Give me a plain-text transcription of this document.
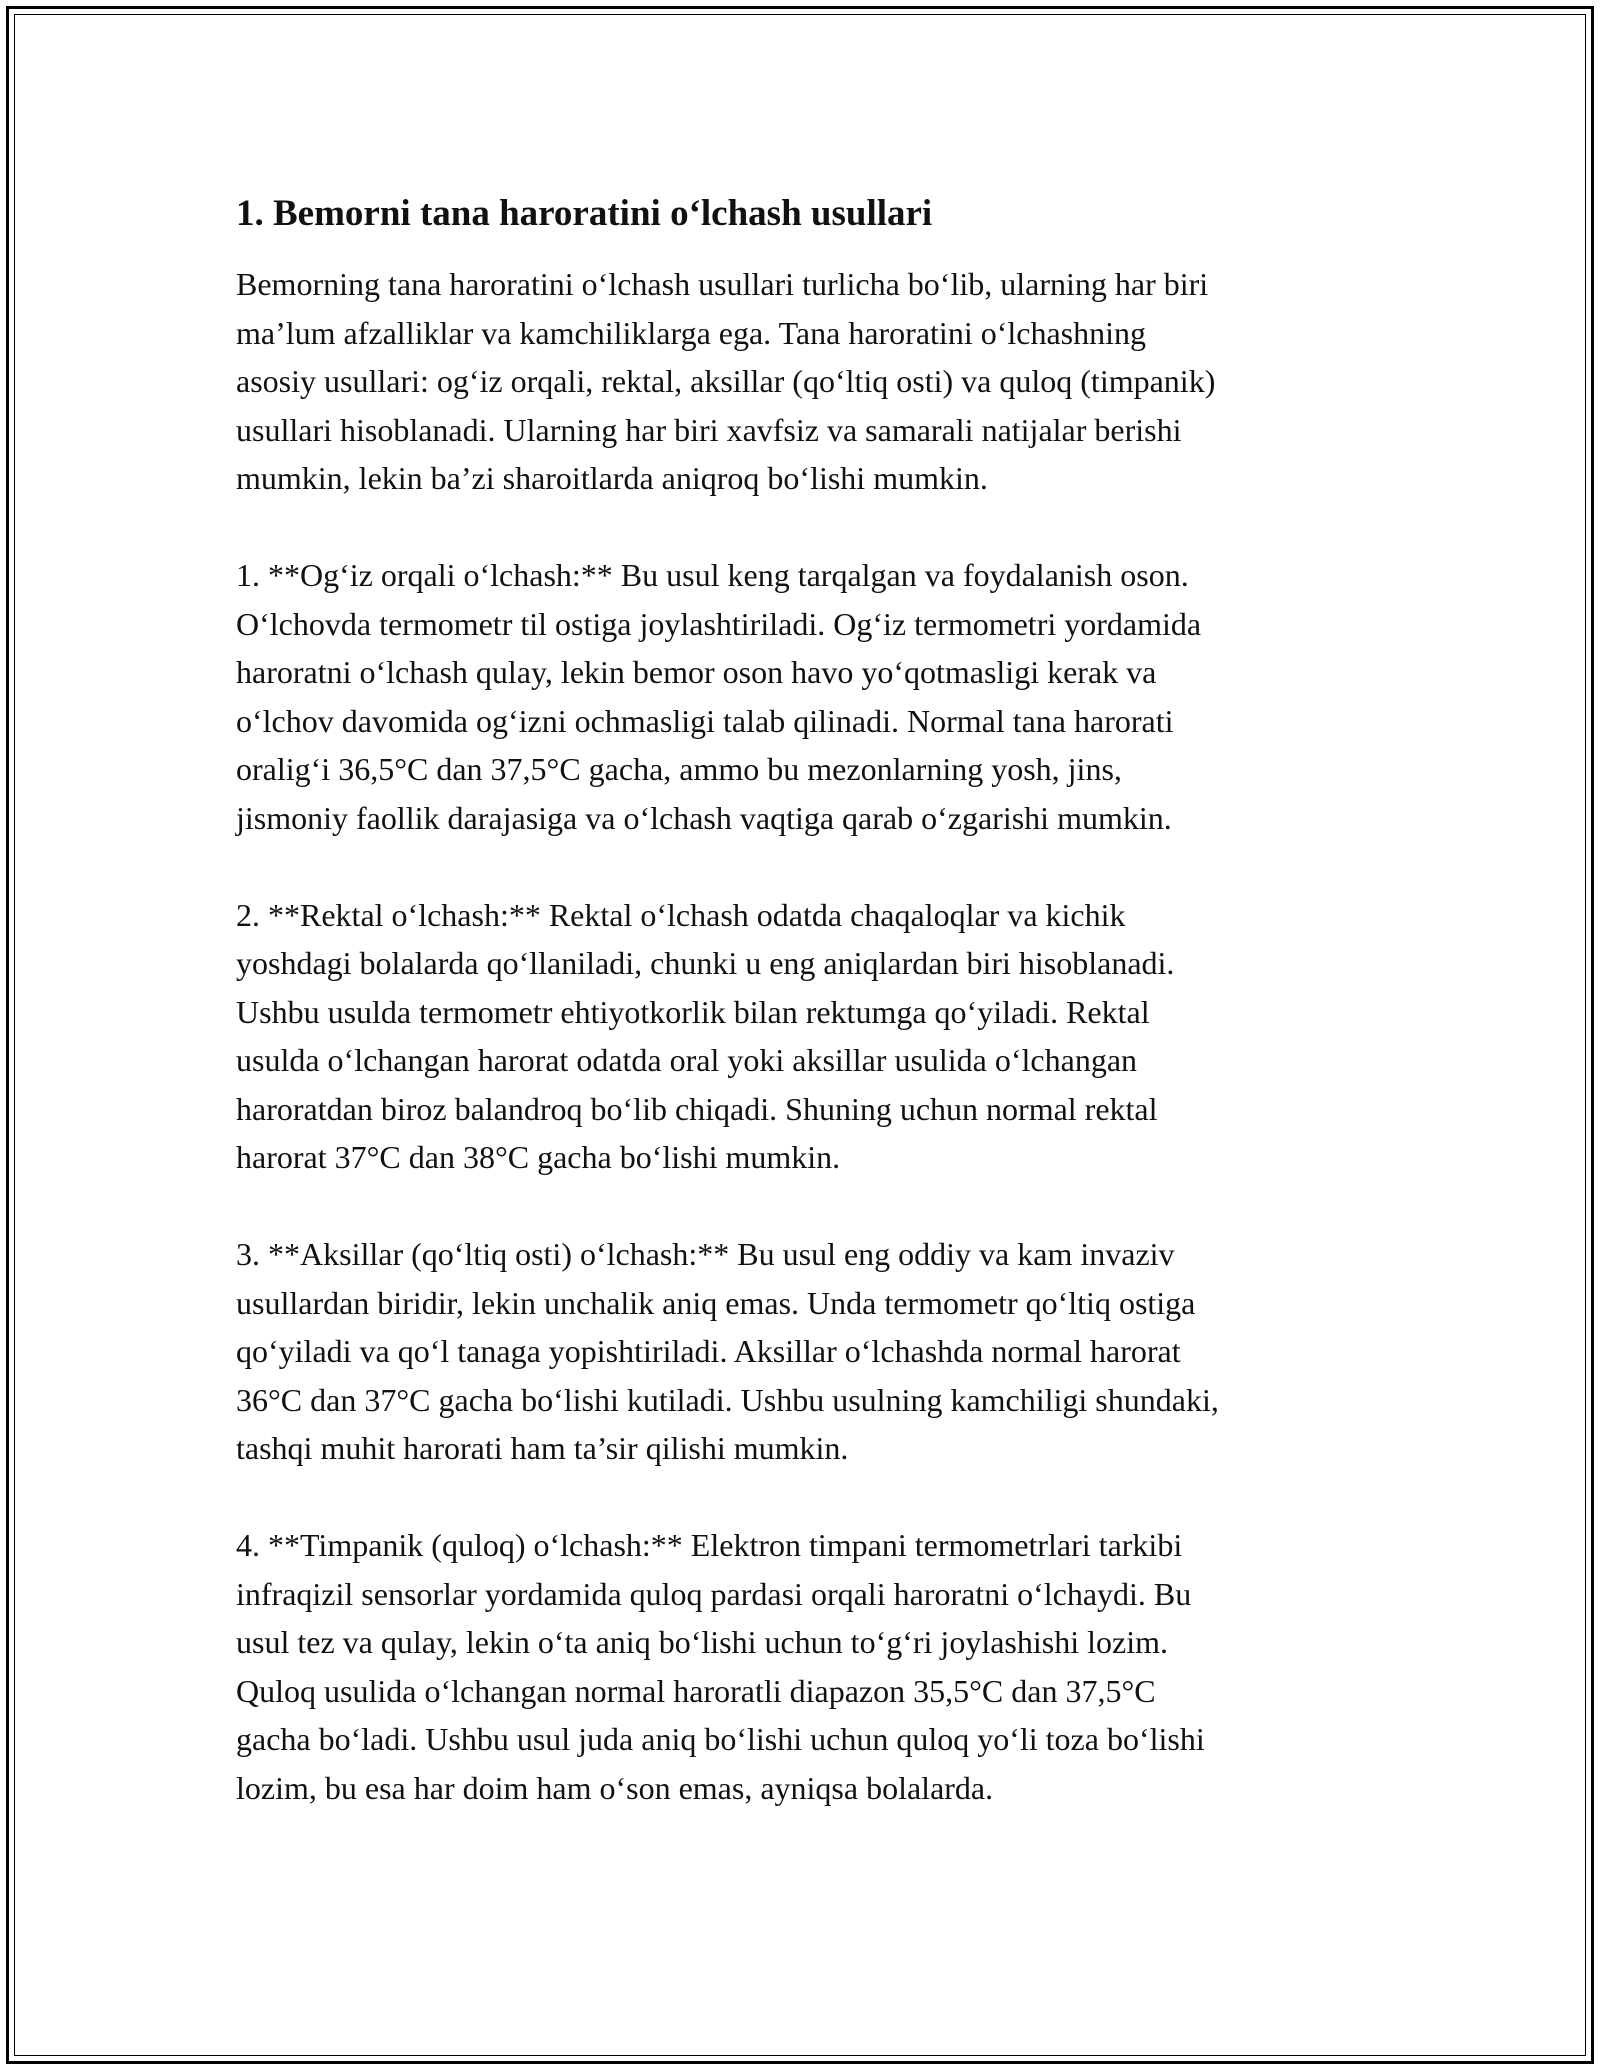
1. Bemorni tana haroratini o‘lchash usullari

Bemorning tana haroratini o‘lchash usullari turlicha bo‘lib, ularning har biri
ma’lum afzalliklar va kamchiliklarga ega. Tana haroratini o‘lchashning
asosiy usullari: og‘iz orqali, rektal, aksillar (qo‘ltiq osti) va quloq (timpanik)
usullari hisoblanadi. Ularning har biri xavfsiz va samarali natijalar berishi
mumkin, lekin ba’zi sharoitlarda aniqroq bo‘lishi mumkin.

1. **Og‘iz orqali o‘lchash:** Bu usul keng tarqalgan va foydalanish oson.
O‘lchovda termometr til ostiga joylashtiriladi. Og‘iz termometri yordamida
haroratni o‘lchash qulay, lekin bemor oson havo yo‘qotmasligi kerak va
o‘lchov davomida og‘izni ochmasligi talab qilinadi. Normal tana harorati
oralig‘i 36,5°C dan 37,5°C gacha, ammo bu mezonlarning yosh, jins,
jismoniy faollik darajasiga va o‘lchash vaqtiga qarab o‘zgarishi mumkin.

2. **Rektal o‘lchash:** Rektal o‘lchash odatda chaqaloqlar va kichik
yoshdagi bolalarda qo‘llaniladi, chunki u eng aniqlardan biri hisoblanadi.
Ushbu usulda termometr ehtiyotkorlik bilan rektumga qo‘yiladi. Rektal
usulda o‘lchangan harorat odatda oral yoki aksillar usulida o‘lchangan
haroratdan biroz balandroq bo‘lib chiqadi. Shuning uchun normal rektal
harorat 37°C dan 38°C gacha bo‘lishi mumkin.

3. **Aksillar (qo‘ltiq osti) o‘lchash:** Bu usul eng oddiy va kam invaziv
usullardan biridir, lekin unchalik aniq emas. Unda termometr qo‘ltiq ostiga
qo‘yiladi va qo‘l tanaga yopishtiriladi. Aksillar o‘lchashda normal harorat
36°C dan 37°C gacha bo‘lishi kutiladi. Ushbu usulning kamchiligi shundaki,
tashqi muhit harorati ham ta’sir qilishi mumkin.

4. **Timpanik (quloq) o‘lchash:** Elektron timpani termometrlari tarkibi
infraqizil sensorlar yordamida quloq pardasi orqali haroratni o‘lchaydi. Bu
usul tez va qulay, lekin o‘ta aniq bo‘lishi uchun to‘g‘ri joylashishi lozim.
Quloq usulida o‘lchangan normal haroratli diapazon 35,5°C dan 37,5°C
gacha bo‘ladi. Ushbu usul juda aniq bo‘lishi uchun quloq yo‘li toza bo‘lishi
lozim, bu esa har doim ham o‘son emas, ayniqsa bolalarda.
